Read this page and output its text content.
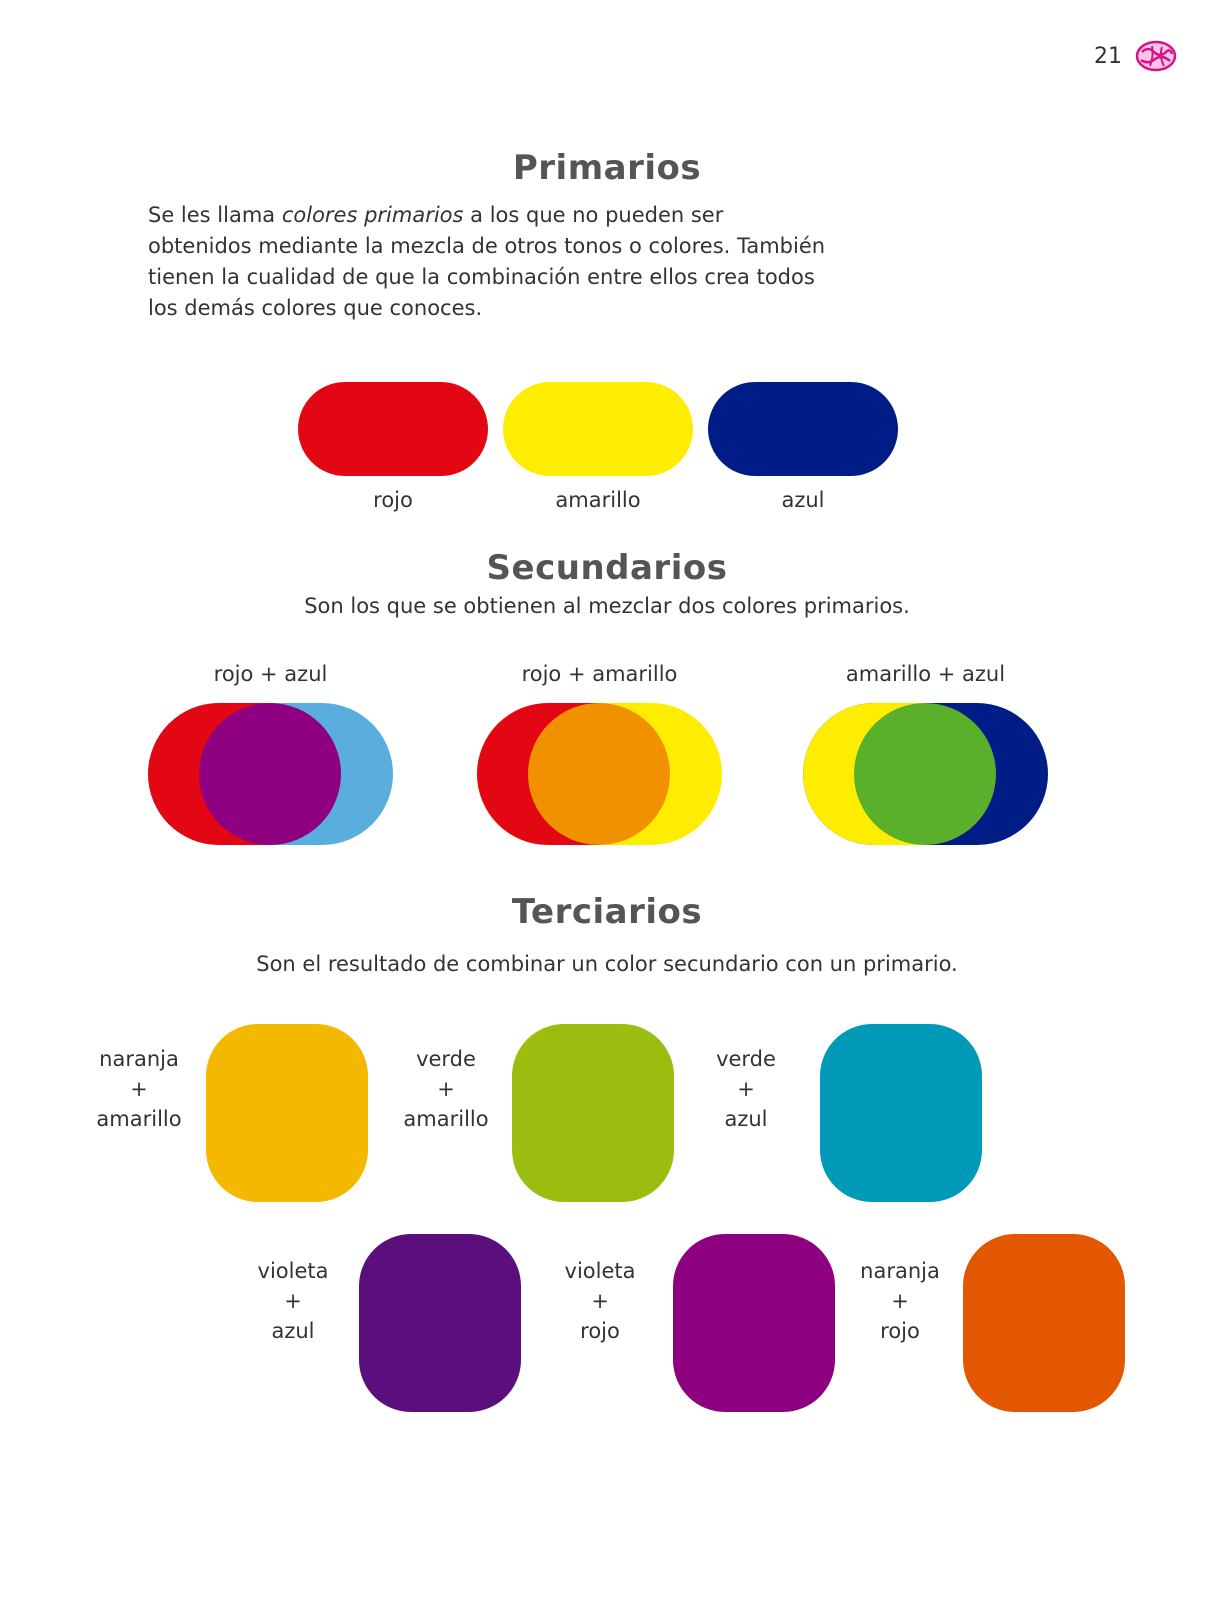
21
Primarios

Se les llama colores primarios a los que no pueden ser obtenidos mediante la mezcla de otros tonos o colores. También tienen la cualidad de que la combinación entre ellos crea todos los demás colores que conoces.

rojo	amarillo	azul
Secundarios
Son los que se obtienen al mezclar dos colores primarios.
rojo + azul	rojo + amarillo	amarillo + azul
Terciarios
Son el resultado de combinar un color secundario con un primario.
naranja
+
amarillo
verde
+
amarillo
verde
+
azul
violeta
+
azul
violeta
+
rojo
naranja
+
rojo
